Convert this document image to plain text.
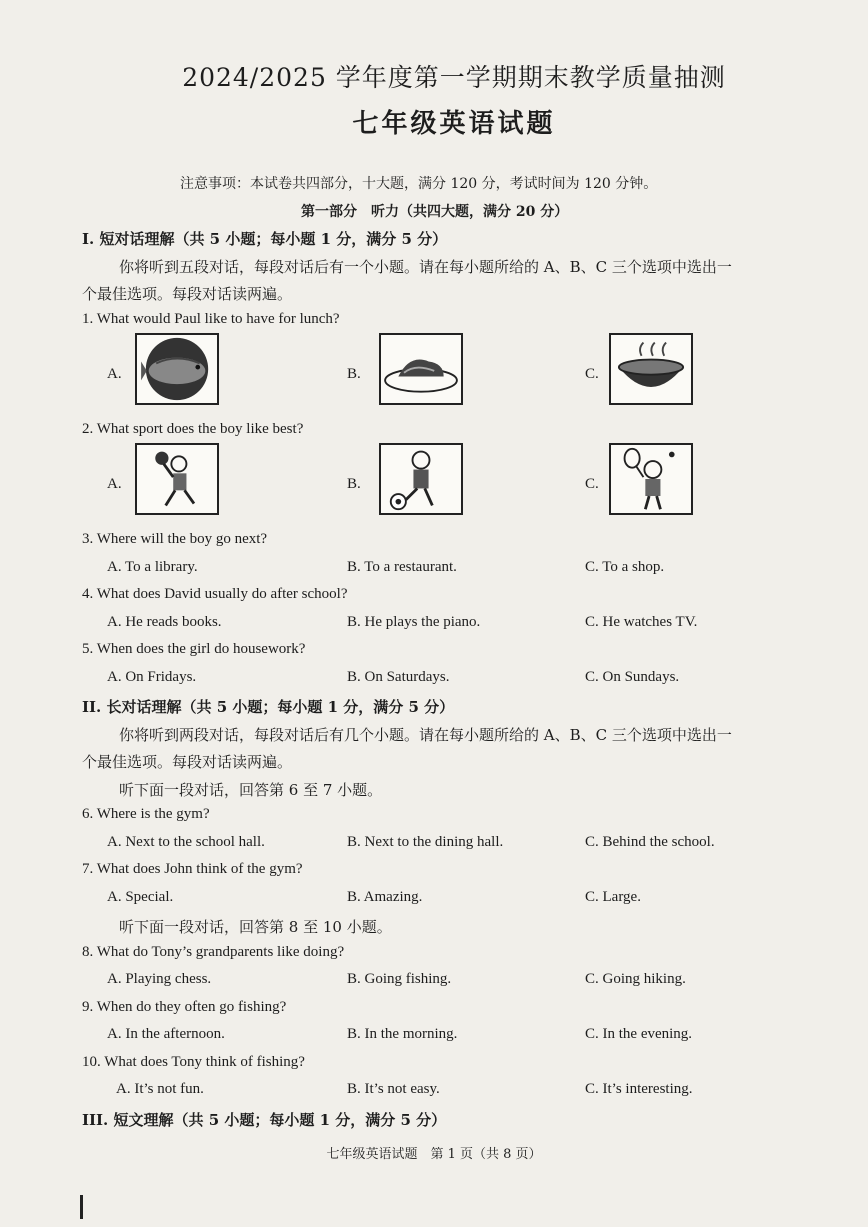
2024/2025 学年度第一学期期末教学质量抽测
七年级英语试题
注意事项：本试卷共四部分，十大题，满分 120 分，考试时间为 120 分钟。
第一部分　听力（共四大题，满分 20 分）
I. 短对话理解（共 5 小题；每小题 1 分，满分 5 分）
你将听到五段对话，每段对话后有一个小题。请在每小题所给的 A、B、C 三个选项中选出一
个最佳选项。每段对话读两遍。
1. What would Paul like to have for lunch?
A.	B.	C.
2. What sport does the boy like best?
A.	B.	C.
3. Where will the boy go next?
A. To a library.	B. To a restaurant.	C. To a shop.
4. What does David usually do after school?
A. He reads books.	B. He plays the piano.	C. He watches TV.
5. When does the girl do housework?
A. On Fridays.	B. On Saturdays.	C. On Sundays.
II. 长对话理解（共 5 小题；每小题 1 分，满分 5 分）
你将听到两段对话，每段对话后有几个小题。请在每小题所给的 A、B、C 三个选项中选出一
个最佳选项。每段对话读两遍。
听下面一段对话，回答第 6 至 7 小题。
6. Where is the gym?
A. Next to the school hall.	B. Next to the dining hall.	C. Behind the school.
7. What does John think of the gym?
A. Special.	B. Amazing.	C. Large.
听下面一段对话，回答第 8 至 10 小题。
8. What do Tony’s grandparents like doing?
A. Playing chess.	B. Going fishing.	C. Going hiking.
9. When do they often go fishing?
A. In the afternoon.	B. In the morning.	C. In the evening.
10. What does Tony think of fishing?
A. It’s not fun.	B. It’s not easy.	C. It’s interesting.
III. 短文理解（共 5 小题；每小题 1 分，满分 5 分）
七年级英语试题　第 1 页（共 8 页）
